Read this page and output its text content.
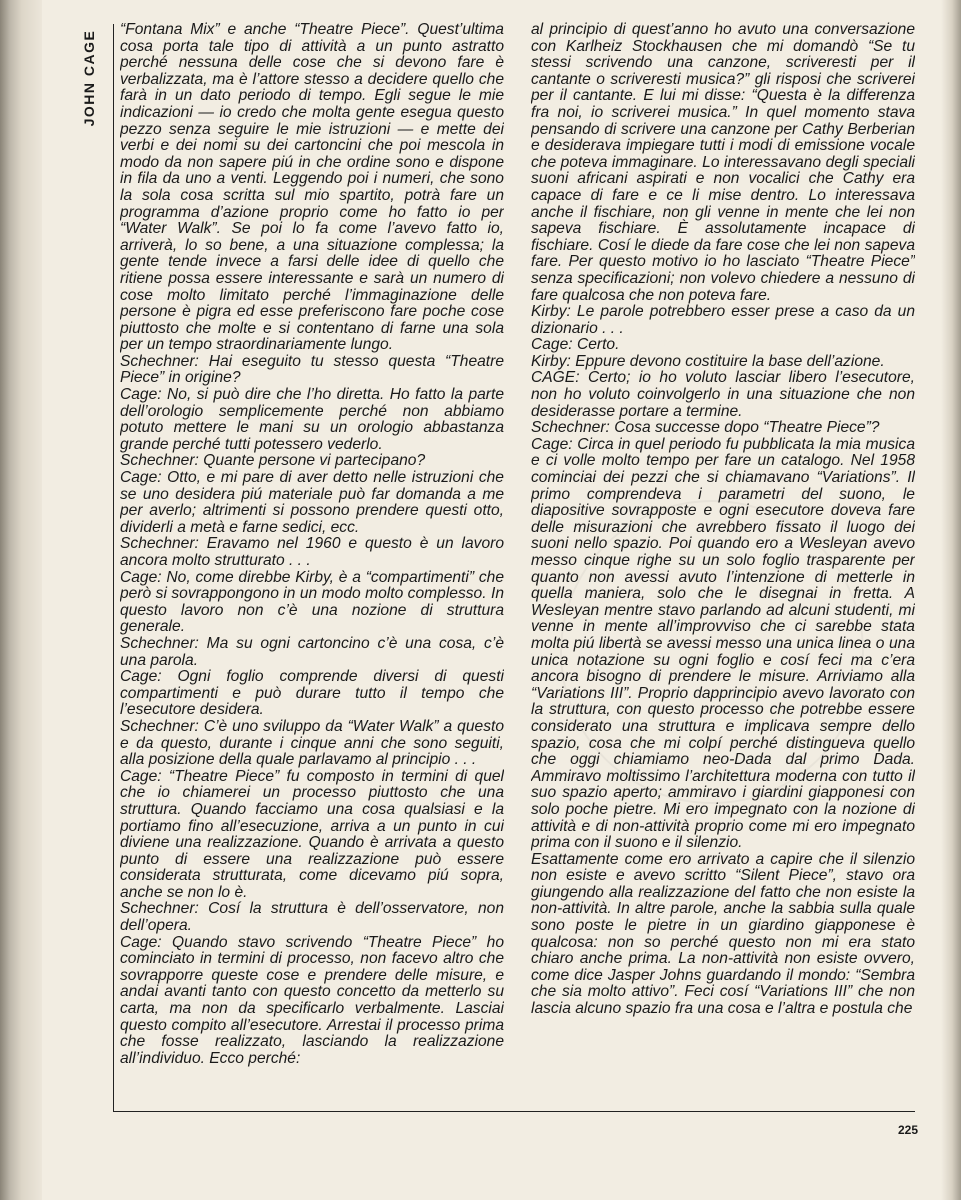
JOHN CAGE

“Fontana Mix” e anche “Theatre Piece”. Quest’ultima cosa porta tale tipo di attività a un punto astratto perché nessuna delle cose che si devono fare è verbalizzata, ma è l’attore stesso a decidere quello che farà in un dato periodo di tempo. Egli segue le mie indicazioni — io credo che molta gente esegua questo pezzo senza seguire le mie istruzioni — e mette dei verbi e dei nomi su dei cartoncini che poi mescola in modo da non sapere piú in che ordine sono e dispone in fila da uno a venti. Leggendo poi i numeri, che sono la sola cosa scritta sul mio spartito, potrà fare un programma d’azione proprio come ho fatto io per “Water Walk”. Se poi lo fa come l’avevo fatto io, arriverà, lo so bene, a una situazione complessa; la gente tende invece a farsi delle idee di quello che ritiene possa essere interessante e sarà un numero di cose molto limitato perché l’immaginazione delle persone è pigra ed esse preferiscono fare poche cose piuttosto che molte e si contentano di farne una sola per un tempo straordinariamente lungo.

Schechner: Hai eseguito tu stesso questa “Theatre Piece” in origine?

Cage: No, si può dire che l’ho diretta. Ho fatto la parte dell’orologio semplicemente perché non abbiamo potuto mettere le mani su un orologio abbastanza grande perché tutti potessero vederlo.

Schechner: Quante persone vi partecipano?

Cage: Otto, e mi pare di aver detto nelle istruzioni che se uno desidera piú materiale può far domanda a me per averlo; altrimenti si possono prendere questi otto, dividerli a metà e farne sedici, ecc.

Schechner: Eravamo nel 1960 e questo è un lavoro ancora molto strutturato . . .

Cage: No, come direbbe Kirby, è a “compartimenti” che però si sovrappongono in un modo molto complesso. In questo lavoro non c’è una nozione di struttura generale.

Schechner: Ma su ogni cartoncino c’è una cosa, c’è una parola.

Cage: Ogni foglio comprende diversi di questi compartimenti e può durare tutto il tempo che l’esecutore desidera.

Schechner: C’è uno sviluppo da “Water Walk” a questo e da questo, durante i cinque anni che sono seguiti, alla posizione della quale parlavamo al principio . . .

Cage: “Theatre Piece” fu composto in termini di quel che io chiamerei un processo piuttosto che una struttura. Quando facciamo una cosa qualsiasi e la portiamo fino all’esecuzione, arriva a un punto in cui diviene una realizzazione. Quando è arrivata a questo punto di essere una realizzazione può essere considerata strutturata, come dicevamo piú sopra, anche se non lo è.

Schechner: Cosí la struttura è dell’osservatore, non dell’opera.

Cage: Quando stavo scrivendo “Theatre Piece” ho cominciato in termini di processo, non facevo altro che sovrapporre queste cose e prendere delle misure, e andai avanti tanto con questo concetto da metterlo su carta, ma non da specificarlo verbalmente. Lasciai questo compito all’esecutore. Arrestai il processo prima che fosse realizzato, lasciando la realizzazione all’individuo. Ecco perché:

al principio di quest’anno ho avuto una conversazione con Karlheiz Stockhausen che mi domandò “Se tu stessi scrivendo una canzone, scriveresti per il cantante o scriveresti musica?” gli risposi che scriverei per il cantante. E lui mi disse: “Questa è la differenza fra noi, io scriverei musica.” In quel momento stava pensando di scrivere una canzone per Cathy Berberian e desiderava impiegare tutti i modi di emissione vocale che poteva immaginare. Lo interessavano degli speciali suoni africani aspirati e non vocalici che Cathy era capace di fare e ce li mise dentro. Lo interessava anche il fischiare, non gli venne in mente che lei non sapeva fischiare. È assolutamente incapace di fischiare. Cosí le diede da fare cose che lei non sapeva fare. Per questo motivo io ho lasciato “Theatre Piece” senza specificazioni; non volevo chiedere a nessuno di fare qualcosa che non poteva fare.

Kirby: Le parole potrebbero esser prese a caso da un dizionario . . .

Cage: Certo.

Kirby: Eppure devono costituire la base dell’azione.

CAGE: Certo; io ho voluto lasciar libero l’esecutore, non ho voluto coinvolgerlo in una situazione che non desiderasse portare a termine.

Schechner: Cosa successe dopo “Theatre Piece”?

Cage: Circa in quel periodo fu pubblicata la mia musica e ci volle molto tempo per fare un catalogo. Nel 1958 cominciai dei pezzi che si chiamavano “Variations”. Il primo comprendeva i parametri del suono, le diapositive sovrapposte e ogni esecutore doveva fare delle misurazioni che avrebbero fissato il luogo dei suoni nello spazio. Poi quando ero a Wesleyan avevo messo cinque righe su un solo foglio trasparente per quanto non avessi avuto l’intenzione di metterle in quella maniera, solo che le disegnai in fretta. A Wesleyan mentre stavo parlando ad alcuni studenti, mi venne in mente all’improvviso che ci sarebbe stata molta piú libertà se avessi messo una unica linea o una unica notazione su ogni foglio e cosí feci ma c’era ancora bisogno di prendere le misure. Arriviamo alla “Variations III”. Proprio dapprincipio avevo lavorato con la struttura, con questo processo che potrebbe essere considerato una struttura e implicava sempre dello spazio, cosa che mi colpí perché distingueva quello che oggi chiamiamo neo-Dada dal primo Dada. Ammiravo moltissimo l’architettura moderna con tutto il suo spazio aperto; ammiravo i giardini giapponesi con solo poche pietre. Mi ero impegnato con la nozione di attività e di non-attività proprio come mi ero impegnato prima con il suono e il silenzio.

Esattamente come ero arrivato a capire che il silenzio non esiste e avevo scritto “Silent Piece”, stavo ora giungendo alla realizzazione del fatto che non esiste la non-attività. In altre parole, anche la sabbia sulla quale sono poste le pietre in un giardino giapponese è qualcosa: non so perché questo non mi era stato chiaro anche prima. La non-attività non esiste ovvero, come dice Jasper Johns guardando il mondo: “Sembra che sia molto attivo”. Feci cosí “Variations III” che non lascia alcuno spazio fra una cosa e l’altra e postula che

225
